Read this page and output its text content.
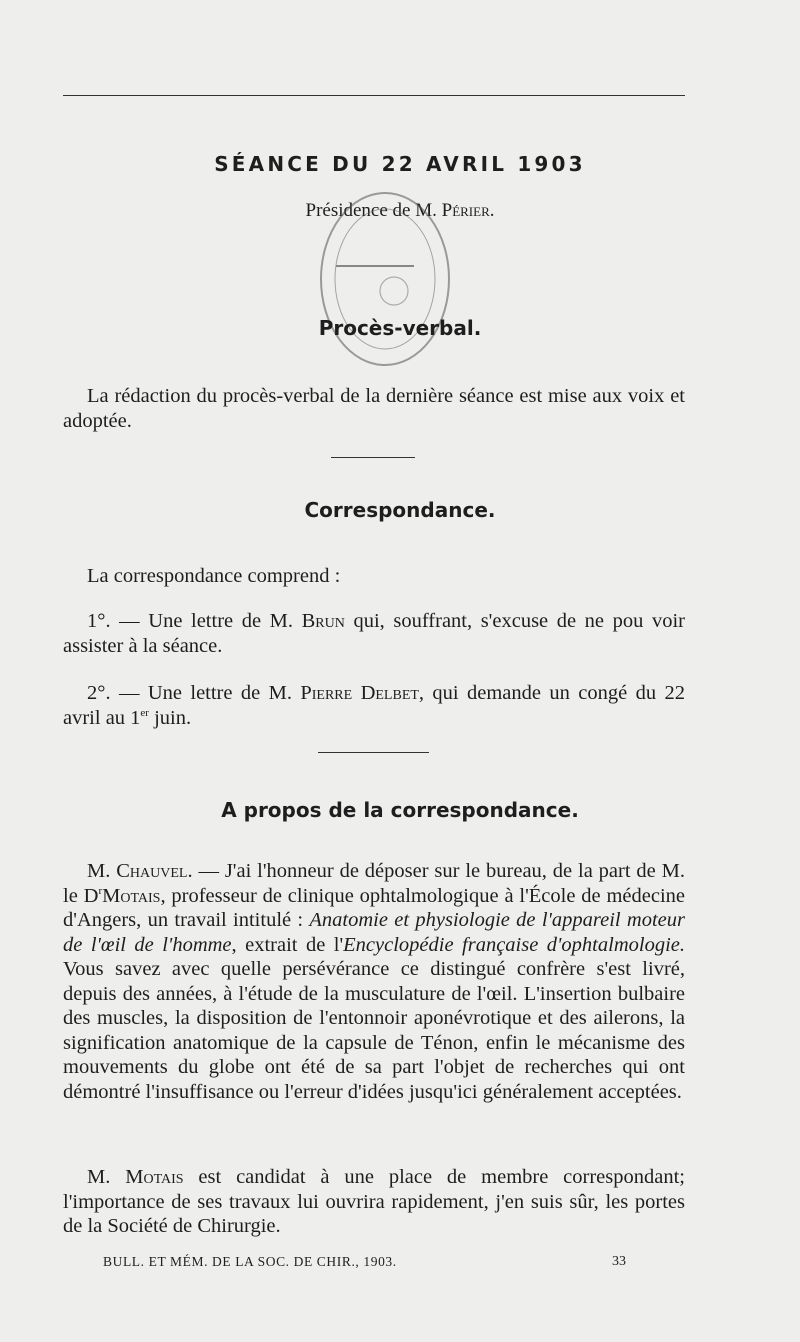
SÉANCE DU 22 AVRIL 1903
Présidence de M. Périer.
Procès-verbal.

La rédaction du procès-verbal de la dernière séance est mise aux voix et adoptée.

Correspondance.

La correspondance comprend :

1°. — Une lettre de M. Brun qui, souffrant, s'excuse de ne pou voir assister à la séance.

2°. — Une lettre de M. Pierre Delbet, qui demande un congé du 22 avril au 1er juin.

A propos de la correspondance.

M. Chauvel. — J'ai l'honneur de déposer sur le bureau, de la part de M. le $D^rMotais$, professeur de clinique ophtalmologique à l'École de médecine d'Angers, un travail intitulé : Anatomie et physiologie de l'appareil moteur de l'œil de l'homme, extrait de l'Encyclopédie française d'ophtalmologie. Vous savez avec quelle persévérance ce distingué confrère s'est livré, depuis des années, à l'étude de la musculature de l'œil. L'insertion bulbaire des muscles, la disposition de l'entonnoir aponévrotique et des ailerons, la signification anatomique de la capsule de Ténon, enfin le mécanisme des mouvements du globe ont été de sa part l'objet de recherches qui ont démontré l'insuffisance ou l'erreur d'idées jusqu'ici généralement acceptées.

M. Motais est candidat à une place de membre correspondant; l'importance de ses travaux lui ouvrira rapidement, j'en suis sûr, les portes de la Société de Chirurgie.

BULL. ET MÉM. DE LA SOC. DE CHIR., 1903.	33
